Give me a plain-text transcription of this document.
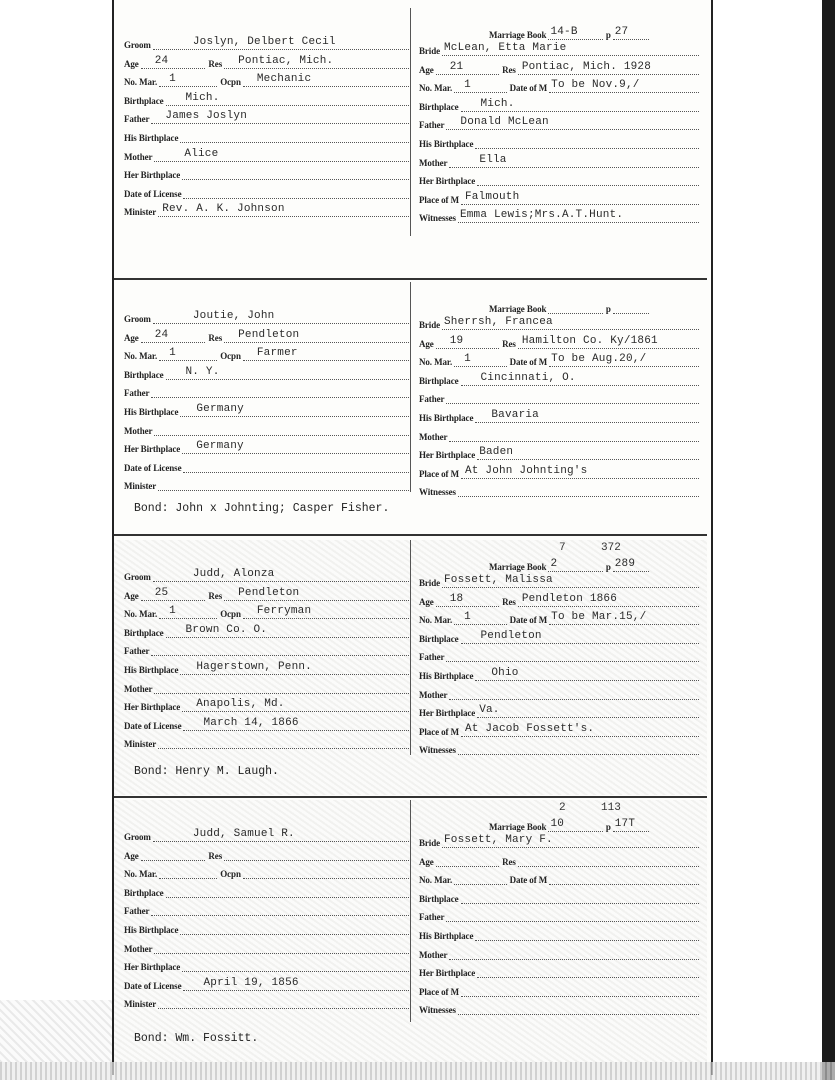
Groom	Joslyn, Delbert Cecil
Age 24	Res Pontiac, Mich.
No. Mar. 1	Ocpn Mechanic
Birthplace Mich.
Father James Joslyn
His Birthplace
Mother	Alice
Her Birthplace
Date of License
Minister Rev. A. K. Johnson
Marriage Book 14-B	p 27
Bride McLean, Etta Marie
Age 21	Res Pontiac, Mich. 1928
No. Mar. 1	Date of M To be Nov.9,/
Birthplace Mich.
Father Donald McLean
His Birthplace
Mother	Ella
Her Birthplace
Place of M Falmouth
Witnesses Emma Lewis;Mrs.A.T.Hunt.
Groom	Joutie, John
Age 24	Res Pendleton
No. Mar. 1	Ocpn Farmer
Birthplace N. Y.
Father
His Birthplace Germany
Mother
Her Birthplace Germany
Date of License
Minister
Marriage Book	p
Bride Sherrsh, Francea
Age 19	Res Hamilton Co. Ky/1861
No. Mar. 1	Date of M To be Aug.20,/
Birthplace Cincinnati, O.
Father
His Birthplace Bavaria
Mother
Her Birthplace Baden
Place of M At John Johnting's
Witnesses
Bond: John x Johnting; Casper Fisher.
Groom	Judd, Alonza
Age 25	Res Pendleton
No. Mar. 1	Ocpn Ferryman
Birthplace Brown Co. O.
Father
His Birthplace Hagerstown, Penn.
Mother
Her Birthplace Anapolis, Md.
Date of License March 14, 1866
Minister
Marriage Book 2	p 289
7	372
Bride Fossett, Malissa
Age 18	Res Pendleton 1866
No. Mar. 1	Date of M To be Mar.15,/
Birthplace Pendleton
Father
His Birthplace Ohio
Mother
Her Birthplace Va.
Place of M At Jacob Fossett's.
Witnesses
Bond: Henry M. Laugh.
Groom	Judd, Samuel R.
Age	Res
No. Mar.	Ocpn
Birthplace
Father
His Birthplace
Mother
Her Birthplace
Date of License April 19, 1856
Minister
Marriage Book 10	p 17T
2	113
Bride Fossett, Mary F.
Age	Res
No. Mar.	Date of M
Birthplace
Father
His Birthplace
Mother
Her Birthplace
Place of M
Witnesses
Bond: Wm. Fossitt.
